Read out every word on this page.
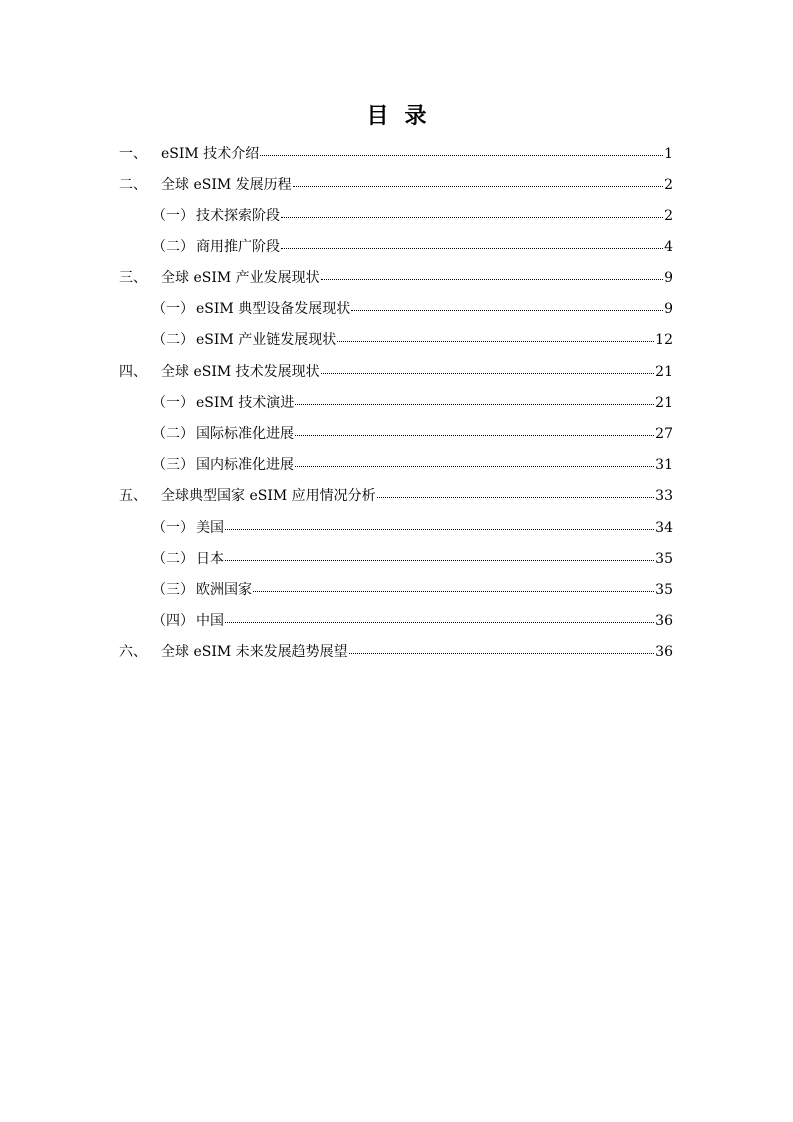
目 录
一、	eSIM 技术介绍	1
二、	全球 eSIM 发展历程	2
（一） 技术探索阶段	2
（二） 商用推广阶段	4
三、	全球 eSIM 产业发展现状	9
（一） eSIM 典型设备发展现状	9
（二） eSIM 产业链发展现状	12
四、	全球 eSIM 技术发展现状	21
（一） eSIM 技术演进	21
（二） 国际标准化进展	27
（三） 国内标准化进展	31
五、	全球典型国家 eSIM 应用情况分析	33
（一） 美国	34
（二） 日本	35
（三） 欧洲国家	35
（四） 中国	36
六、	全球 eSIM 未来发展趋势展望	36
